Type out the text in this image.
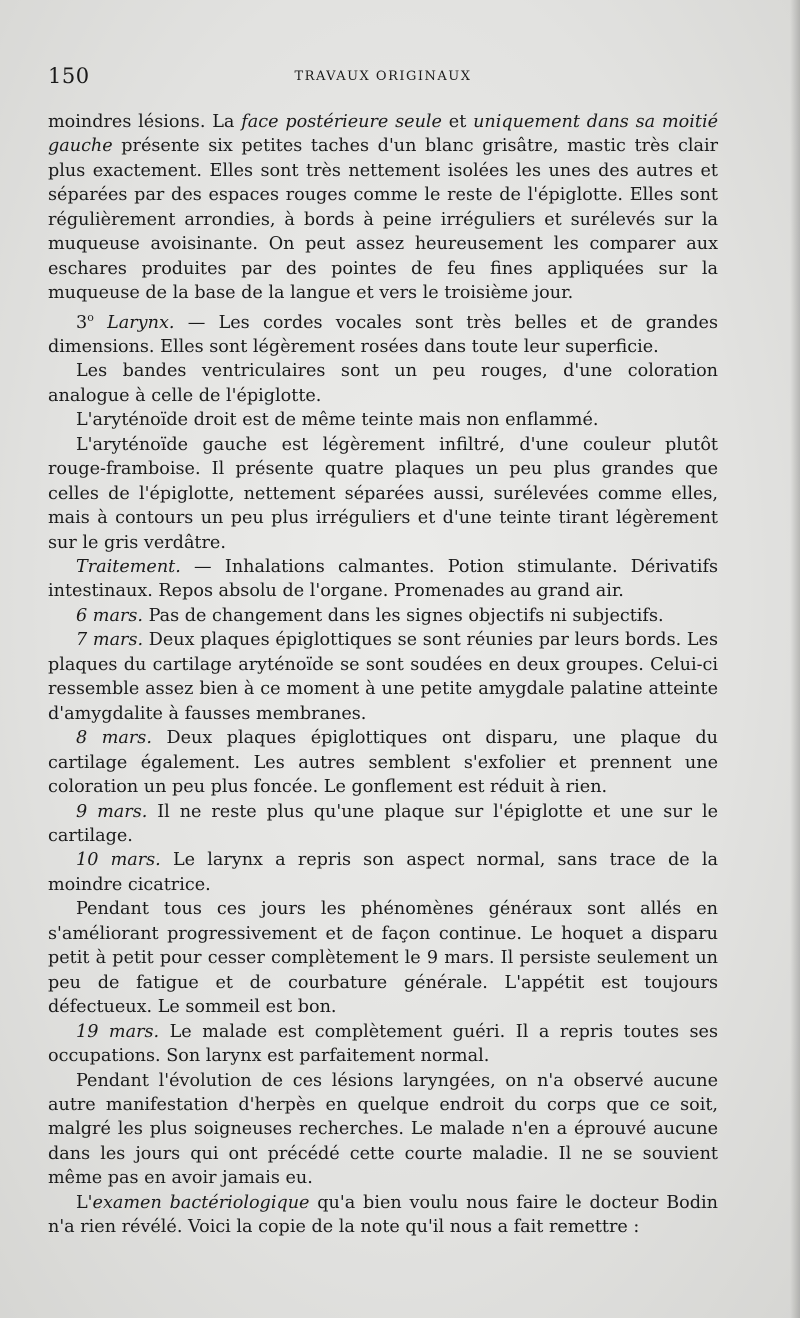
150	TRAVAUX ORIGINAUX

moindres lésions. La face postérieure seule et uniquement dans sa moitié gauche présente six petites taches d'un blanc grisâtre, mastic très clair plus exactement. Elles sont très nettement isolées les unes des autres et séparées par des espaces rouges comme le reste de l'épiglotte. Elles sont régulièrement arrondies, à bords à peine irréguliers et surélevés sur la muqueuse avoisinante. On peut assez heureusement les comparer aux eschares produites par des pointes de feu fines appliquées sur la muqueuse de la base de la langue et vers le troisième jour.

3$^o$ Larynx. — Les cordes vocales sont très belles et de grandes dimensions. Elles sont légèrement rosées dans toute leur superficie.

Les bandes ventriculaires sont un peu rouges, d'une coloration analogue à celle de l'épiglotte.

L'aryténoïde droit est de même teinte mais non enflammé.

L'aryténoïde gauche est légèrement infiltré, d'une couleur plutôt rouge-framboise. Il présente quatre plaques un peu plus grandes que celles de l'épiglotte, nettement séparées aussi, surélevées comme elles, mais à contours un peu plus irréguliers et d'une teinte tirant légèrement sur le gris verdâtre.

Traitement. — Inhalations calmantes. Potion stimulante. Dérivatifs intestinaux. Repos absolu de l'organe. Promenades au grand air.

6 mars. Pas de changement dans les signes objectifs ni subjectifs.

7 mars. Deux plaques épiglottiques se sont réunies par leurs bords. Les plaques du cartilage aryténoïde se sont soudées en deux groupes. Celui-ci ressemble assez bien à ce moment à une petite amygdale palatine atteinte d'amygdalite à fausses membranes.

8 mars. Deux plaques épiglottiques ont disparu, une plaque du cartilage également. Les autres semblent s'exfolier et prennent une coloration un peu plus foncée. Le gonflement est réduit à rien.

9 mars. Il ne reste plus qu'une plaque sur l'épiglotte et une sur le cartilage.

10 mars. Le larynx a repris son aspect normal, sans trace de la moindre cicatrice.

Pendant tous ces jours les phénomènes généraux sont allés en s'améliorant progressivement et de façon continue. Le hoquet a disparu petit à petit pour cesser complètement le 9 mars. Il persiste seulement un peu de fatigue et de courbature générale. L'appétit est toujours défectueux. Le sommeil est bon.

19 mars. Le malade est complètement guéri. Il a repris toutes ses occupations. Son larynx est parfaitement normal.

Pendant l'évolution de ces lésions laryngées, on n'a observé aucune autre manifestation d'herpès en quelque endroit du corps que ce soit, malgré les plus soigneuses recherches. Le malade n'en a éprouvé aucune dans les jours qui ont précédé cette courte maladie. Il ne se souvient même pas en avoir jamais eu.

L'examen bactériologique qu'a bien voulu nous faire le docteur Bodin n'a rien révélé. Voici la copie de la note qu'il nous a fait remettre :
